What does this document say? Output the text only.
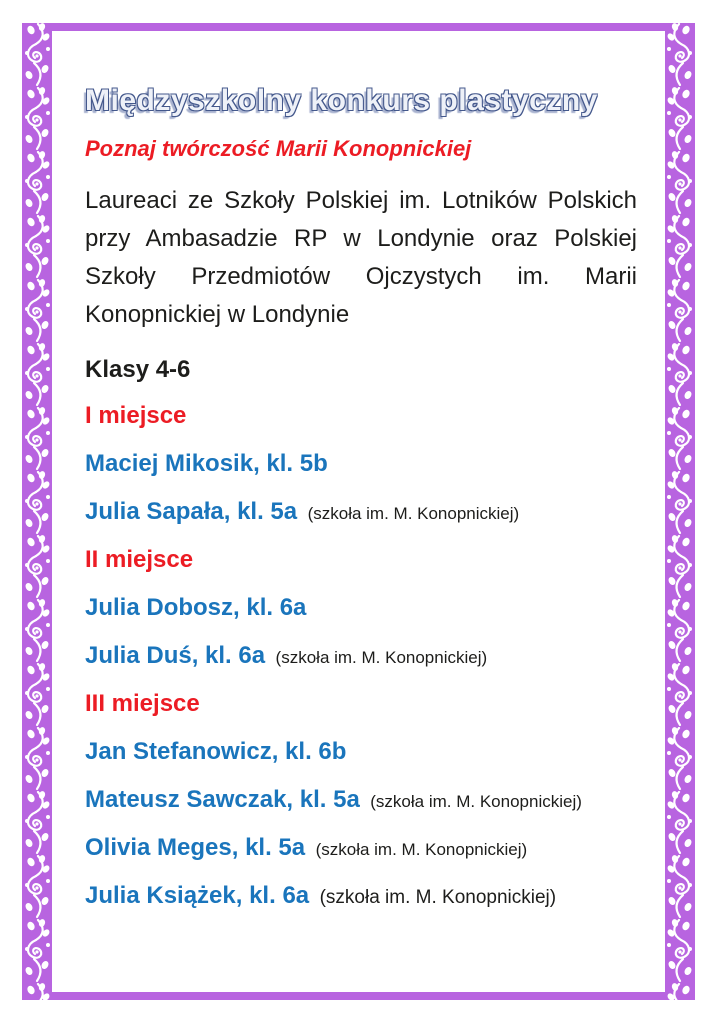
Międzyszkolny konkurs plastyczny
Poznaj twórczość Marii Konopnickiej

Laureaci ze Szkoły Polskiej im. Lotników Polskich przy Ambasadzie RP w Londynie oraz Polskiej Szkoły Przedmiotów Ojczystych im. Marii Konopnickiej w Londynie

Klasy 4-6
I miejsce
Maciej Mikosik, kl. 5b
Julia Sapała, kl. 5a (szkoła im. M. Konopnickiej)
II miejsce
Julia Dobosz, kl. 6a
Julia Duś, kl. 6a (szkoła im. M. Konopnickiej)
III miejsce
Jan Stefanowicz, kl. 6b
Mateusz Sawczak, kl. 5a (szkoła im. M. Konopnickiej)
Olivia Meges, kl. 5a (szkoła im. M. Konopnickiej)
Julia Książek, kl. 6a (szkoła im. M. Konopnickiej)
